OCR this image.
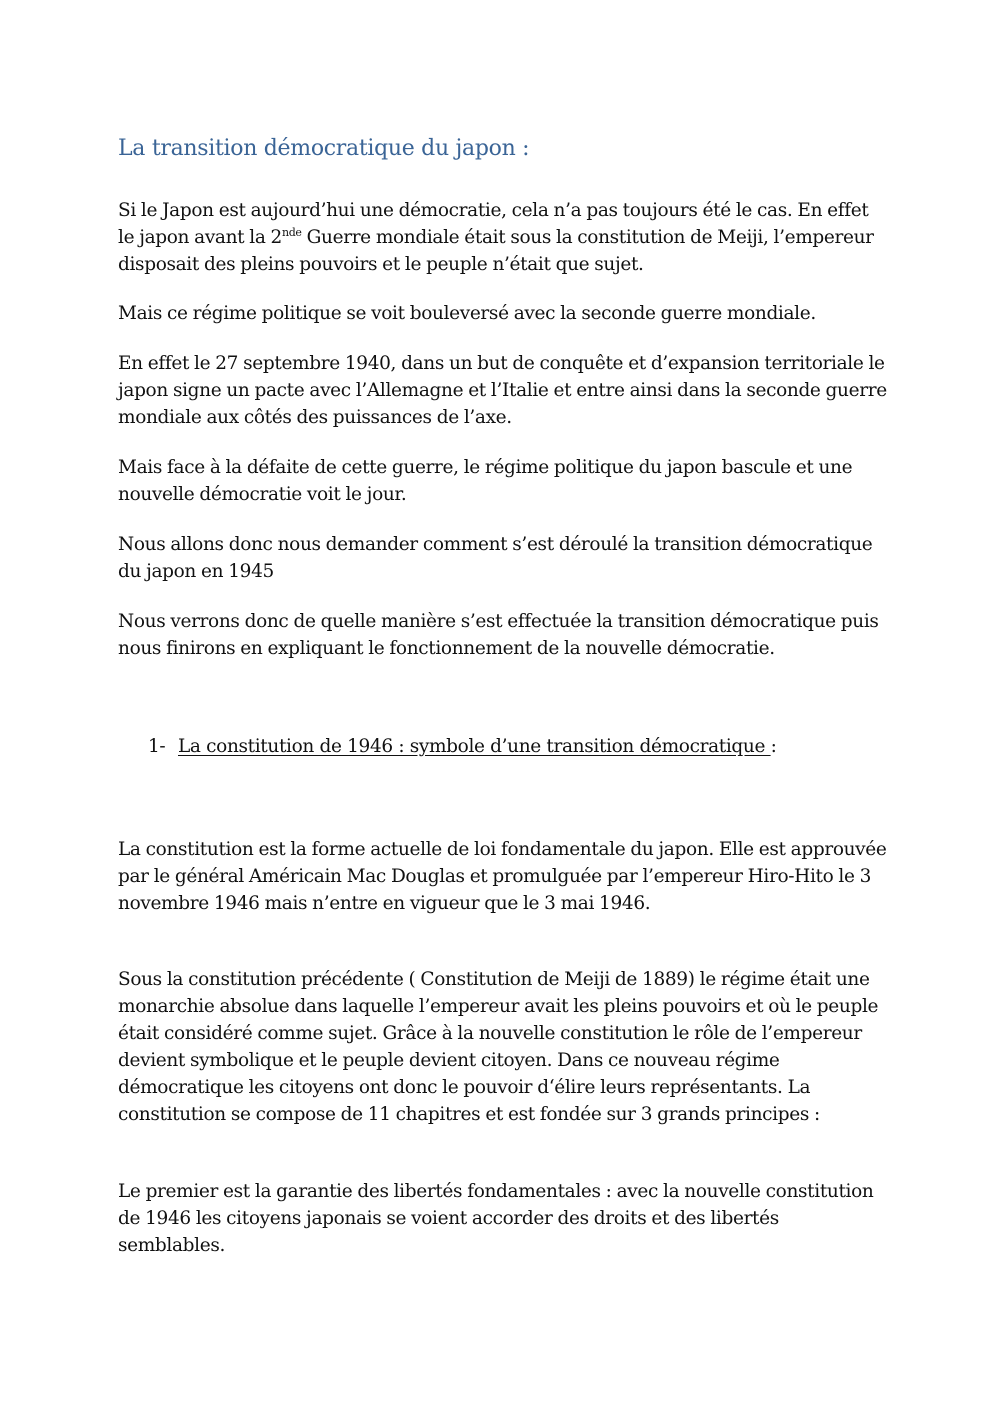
La transition démocratique du japon :

Si le Japon est aujourd’hui une démocratie, cela n’a pas toujours été le cas. En effet le japon avant la 2nde Guerre mondiale était sous la constitution de Meiji, l’empereur disposait des pleins pouvoirs et le peuple n’était que sujet.

Mais ce régime politique se voit bouleversé avec la seconde guerre mondiale.

En effet le 27 septembre 1940, dans un but de conquête et d’expansion territoriale le japon signe un pacte avec l’Allemagne et l’Italie et entre ainsi dans la seconde guerre mondiale aux côtés des puissances de l’axe.

Mais face à la défaite de cette guerre, le régime politique du japon bascule et une nouvelle démocratie voit le jour.

Nous allons donc nous demander comment s’est déroulé la transition démocratique du japon en 1945

Nous verrons donc de quelle manière s’est effectuée la transition démocratique puis nous finirons en expliquant le fonctionnement de la nouvelle démocratie.

1- La constitution de 1946 : symbole d’une transition démocratique :

La constitution est la forme actuelle de loi fondamentale du japon. Elle est approuvée par le général Américain Mac Douglas et promulguée par l’empereur Hiro-Hito le 3 novembre 1946 mais n’entre en vigueur que le 3 mai 1946.

Sous la constitution précédente ( Constitution de Meiji de 1889) le régime était une monarchie absolue dans laquelle l’empereur avait les pleins pouvoirs et où le peuple était considéré comme sujet. Grâce à la nouvelle constitution le rôle de l’empereur devient symbolique et le peuple devient citoyen. Dans ce nouveau régime démocratique les citoyens ont donc le pouvoir d‘élire leurs représentants. La constitution se compose de 11 chapitres et est fondée sur 3 grands principes :

Le premier est la garantie des libertés fondamentales : avec la nouvelle constitution de 1946 les citoyens japonais se voient accorder des droits et des libertés semblables.
